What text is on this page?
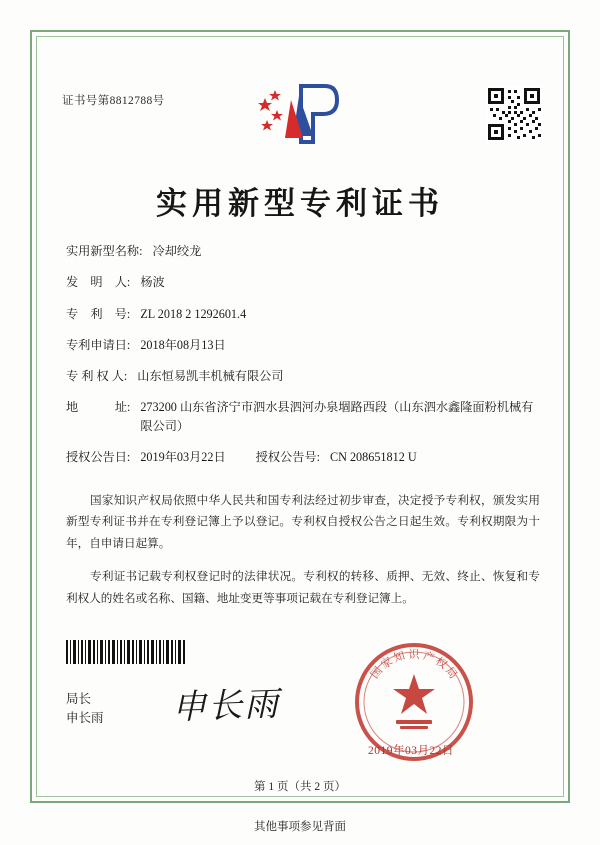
证书号第8812788号
实用新型专利证书
实用新型名称: 冷却绞龙
发　明　人: 杨波
专　利　号: ZL 2018 2 1292601.4
专利申请日: 2018年08月13日
专 利 权 人: 山东恒易凯丰机械有限公司
地　　　址: 273200 山东省济宁市泗水县泗河办泉堌路西段（山东泗水鑫隆面粉机械有限公司）
授权公告日: 2019年03月22日	授权公告号: CN 208651812 U

国家知识产权局依照中华人民共和国专利法经过初步审查，决定授予专利权，颁发实用新型专利证书并在专利登记簿上予以登记。专利权自授权公告之日起生效。专利权期限为十年，自申请日起算。

专利证书记载专利权登记时的法律状况。专利权的转移、质押、无效、终止、恢复和专利权人的姓名或名称、国籍、地址变更等事项记载在专利登记簿上。

局长
申长雨 申长雨
国
家
知 识 产
权
局
2019年03月22日
第 1 页（共 2 页）
其他事项参见背面
